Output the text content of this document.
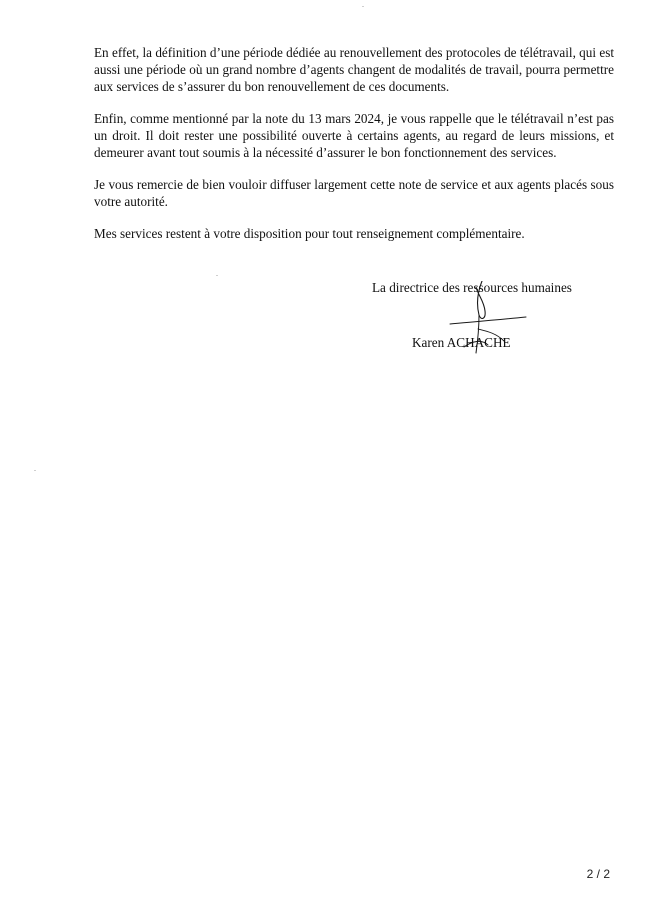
En effet, la définition d’une période dédiée au renouvellement des protocoles de télétravail, qui est aussi une période où un grand nombre d’agents changent de modalités de travail, pourra permettre aux services de s’assurer du bon renouvellement de ces documents.

Enfin, comme mentionné par la note du 13 mars 2024, je vous rappelle que le télétravail n’est pas un droit. Il doit rester une possibilité ouverte à certains agents, au regard de leurs missions, et demeurer avant tout soumis à la nécessité d’assurer le bon fonctionnement des services.

Je vous remercie de bien vouloir diffuser largement cette note de service et aux agents placés sous votre autorité.

Mes services restent à votre disposition pour tout renseignement complémentaire.

La directrice des ressources humaines

Karen ACHACHE

2 / 2
